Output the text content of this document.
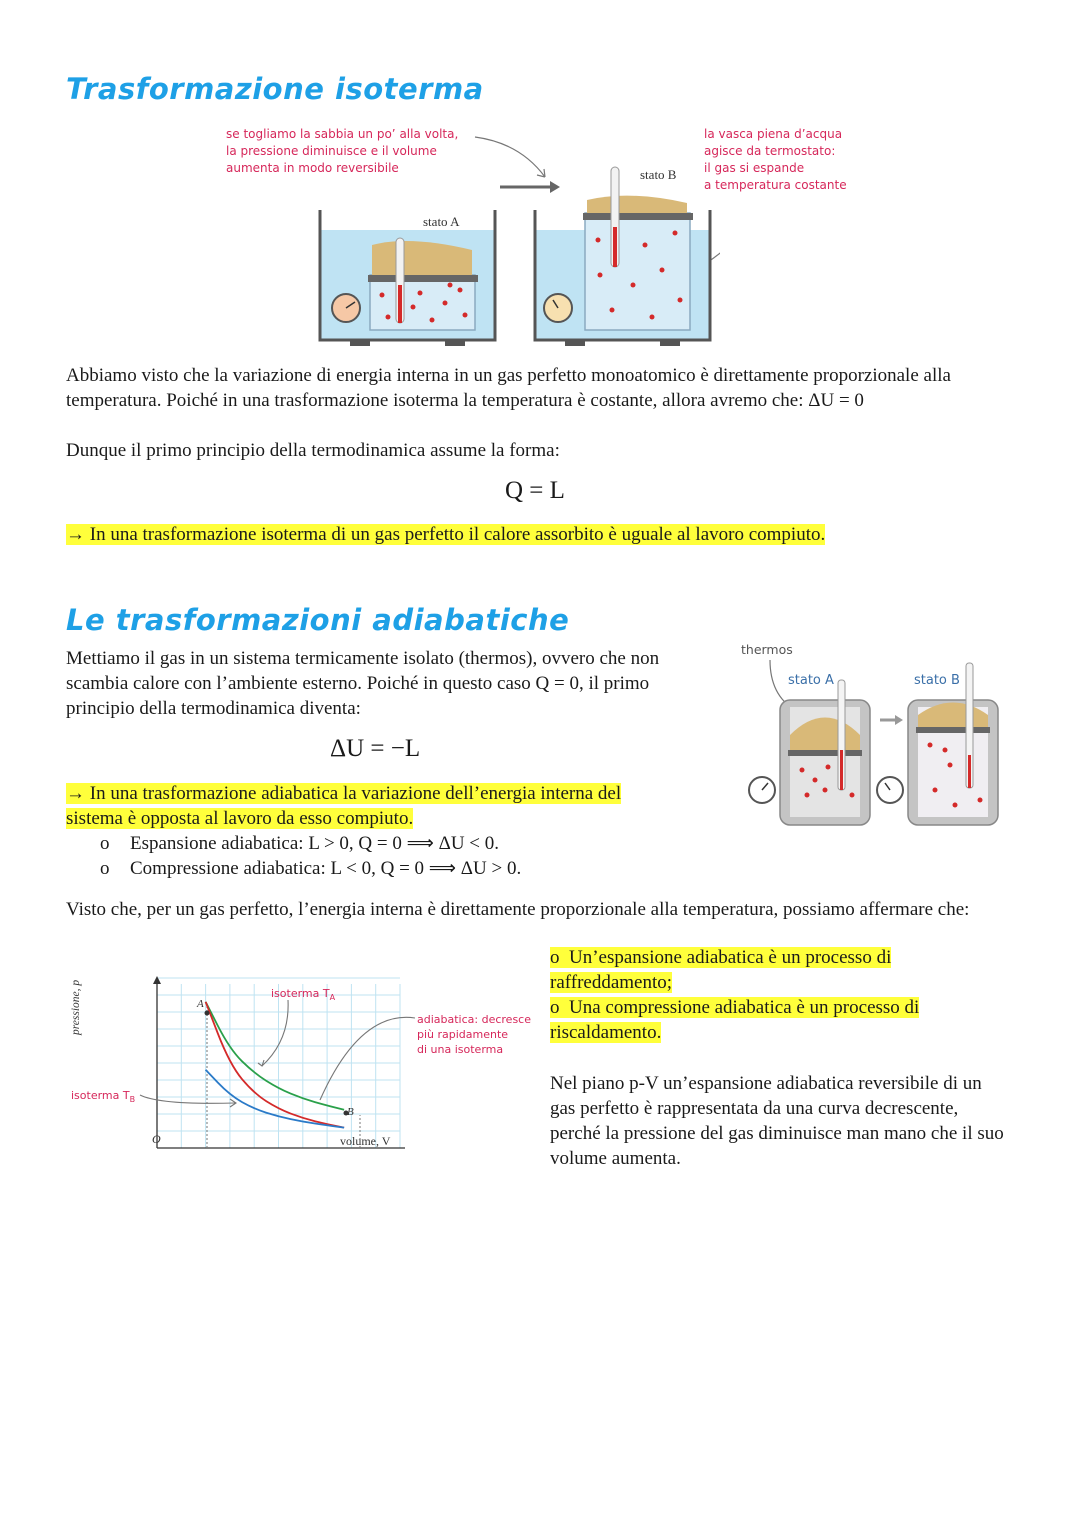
Trasformazione isoterma
se togliamo la sabbia un po’ alla volta,
la pressione diminuisce e il volume
aumenta in modo reversibile
la vasca piena d’acqua
agisce da termostato:
il gas si espande
a temperatura costante
stato A
stato B
Abbiamo visto che la variazione di energia interna in un gas perfetto monoatomico è direttamente proporzionale alla temperatura. Poiché in una trasformazione isoterma la temperatura è costante, allora avremo che: ΔU = 0
Dunque il primo principio della termodinamica assume la forma:
Q = L
→ In una trasformazione isoterma di un gas perfetto il calore assorbito è uguale al lavoro compiuto.
Le trasformazioni adiabatiche
Mettiamo il gas in un sistema termicamente isolato (thermos), ovvero che non scambia calore con l’ambiente esterno. Poiché in questo caso Q = 0, il primo principio della termodinamica diventa:
ΔU = −L
→ In una trasformazione adiabatica la variazione dell’energia interna del sistema è opposta al lavoro da esso compiuto.
o Espansione adiabatica: L > 0, Q = 0 ⟹ ΔU < 0.
o Compressione adiabatica: L < 0, Q = 0 ⟹ ΔU > 0.
thermos
stato A	stato B
Visto che, per un gas perfetto, l’energia interna è direttamente proporzionale alla temperatura, possiamo affermare che:
o Un’espansione adiabatica è un processo di raffreddamento;
o Una compressione adiabatica è un processo di riscaldamento.
Nel piano p-V un’espansione adiabatica reversibile di un gas perfetto è rappresentata da una curva decrescente, perché la pressione del gas diminuisce man mano che il suo volume aumenta.
pressione, p
volume, V
O
A
B
isoterma $T_A$
isoterma $T_B$
adiabatica: decresce
più rapidamente
di una isoterma
